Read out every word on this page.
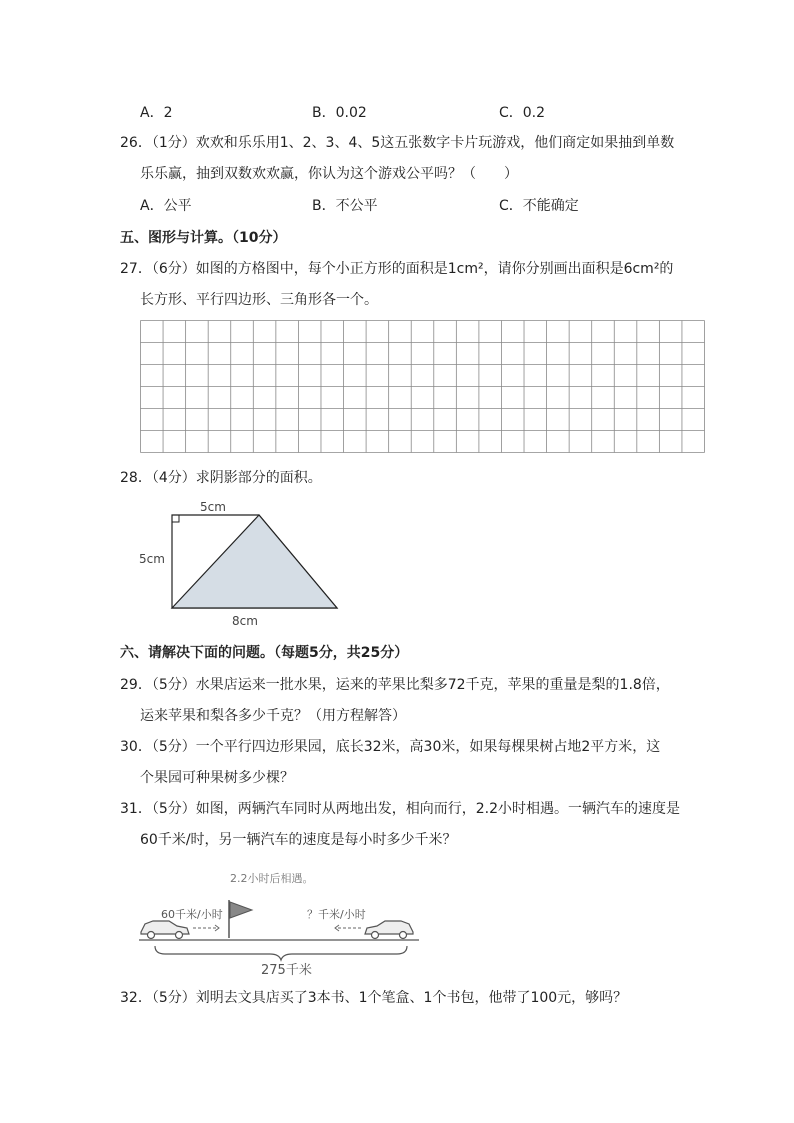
A．2	B．0.02	C．0.2
26．（1分）欢欢和乐乐用1、2、3、4、5这五张数字卡片玩游戏，他们商定如果抽到单数
乐乐赢，抽到双数欢欢赢，你认为这个游戏公平吗？（　　）
A．公平	B．不公平	C．不能确定
五、图形与计算。（10分）
27．（6分）如图的方格图中，每个小正方形的面积是1cm²，请你分别画出面积是6cm²的
长方形、平行四边形、三角形各一个。
28．（4分）求阴影部分的面积。
5cm
5cm
8cm
六、请解决下面的问题。（每题5分，共25分）
29．（5分）水果店运来一批水果，运来的苹果比梨多72千克，苹果的重量是梨的1.8倍，
运来苹果和梨各多少千克？（用方程解答）
30．（5分）一个平行四边形果园，底长32米，高30米，如果每棵果树占地2平方米，这
个果园可种果树多少棵？
31．（5分）如图，两辆汽车同时从两地出发，相向而行，2.2小时相遇。一辆汽车的速度是
60千米/时，另一辆汽车的速度是每小时多少千米？
2.2小时后相遇。
60千米/小时	？千米/小时
275千米
32．（5分）刘明去文具店买了3本书、1个笔盒、1个书包，他带了100元，够吗？
